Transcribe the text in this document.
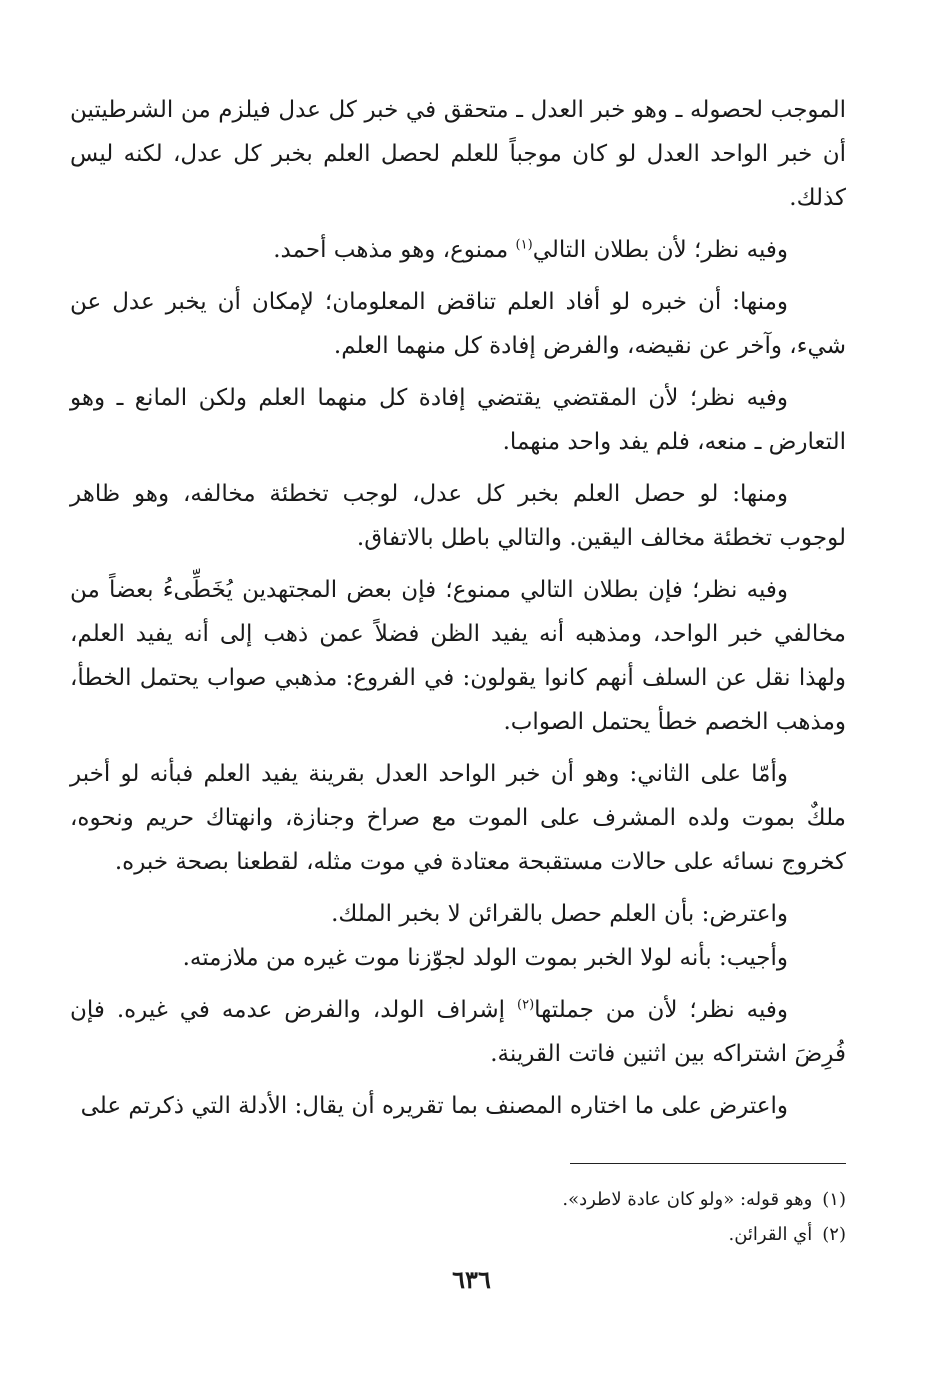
الموجب لحصوله ـ وهو خبر العدل ـ متحقق في خبر كل عدل فيلزم من الشرطيتين أن خبر الواحد العدل لو كان موجباً للعلم لحصل العلم بخبر كل عدل، لكنه ليس كذلك.

وفيه نظر؛ لأن بطلان التالي$^{(١)}$ ممنوع، وهو مذهب أحمد.

ومنها: أن خبره لو أفاد العلم تناقض المعلومان؛ لإمكان أن يخبر عدل عن شيء، وآخر عن نقيضه، والفرض إفادة كل منهما العلم.

وفيه نظر؛ لأن المقتضي يقتضي إفادة كل منهما العلم ولكن المانع ـ وهو التعارض ـ منعه، فلم يفد واحد منهما.

ومنها: لو حصل العلم بخبر كل عدل، لوجب تخطئة مخالفه، وهو ظاهر لوجوب تخطئة مخالف اليقين. والتالي باطل بالاتفاق.

وفيه نظر؛ فإن بطلان التالي ممنوع؛ فإن بعض المجتهدين يُخَطِّىءُ بعضاً من مخالفي خبر الواحد، ومذهبه أنه يفيد الظن فضلاً عمن ذهب إلى أنه يفيد العلم، ولهذا نقل عن السلف أنهم كانوا يقولون: في الفروع: مذهبي صواب يحتمل الخطأ، ومذهب الخصم خطأ يحتمل الصواب.

وأمّا على الثاني: وهو أن خبر الواحد العدل بقرينة يفيد العلم فبأنه لو أخبر ملكٌ بموت ولده المشرف على الموت مع صراخ وجنازة، وانهتاك حريم ونحوه، كخروج نسائه على حالات مستقبحة معتادة في موت مثله، لقطعنا بصحة خبره.

واعترض: بأن العلم حصل بالقرائن لا بخبر الملك.

وأجيب: بأنه لولا الخبر بموت الولد لجوّزنا موت غيره من ملازمته.

وفيه نظر؛ لأن من جملتها$^{(٢)}$ إشراف الولد، والفرض عدمه في غيره. فإن فُرِضَ اشتراكه بين اثنين فاتت القرينة.

واعترض على ما اختاره المصنف بما تقريره أن يقال: الأدلة التي ذكرتم على

(١)وهو قوله: «ولو كان عادة لاطرد».
(٢)أي القرائن.
٦٣٦
